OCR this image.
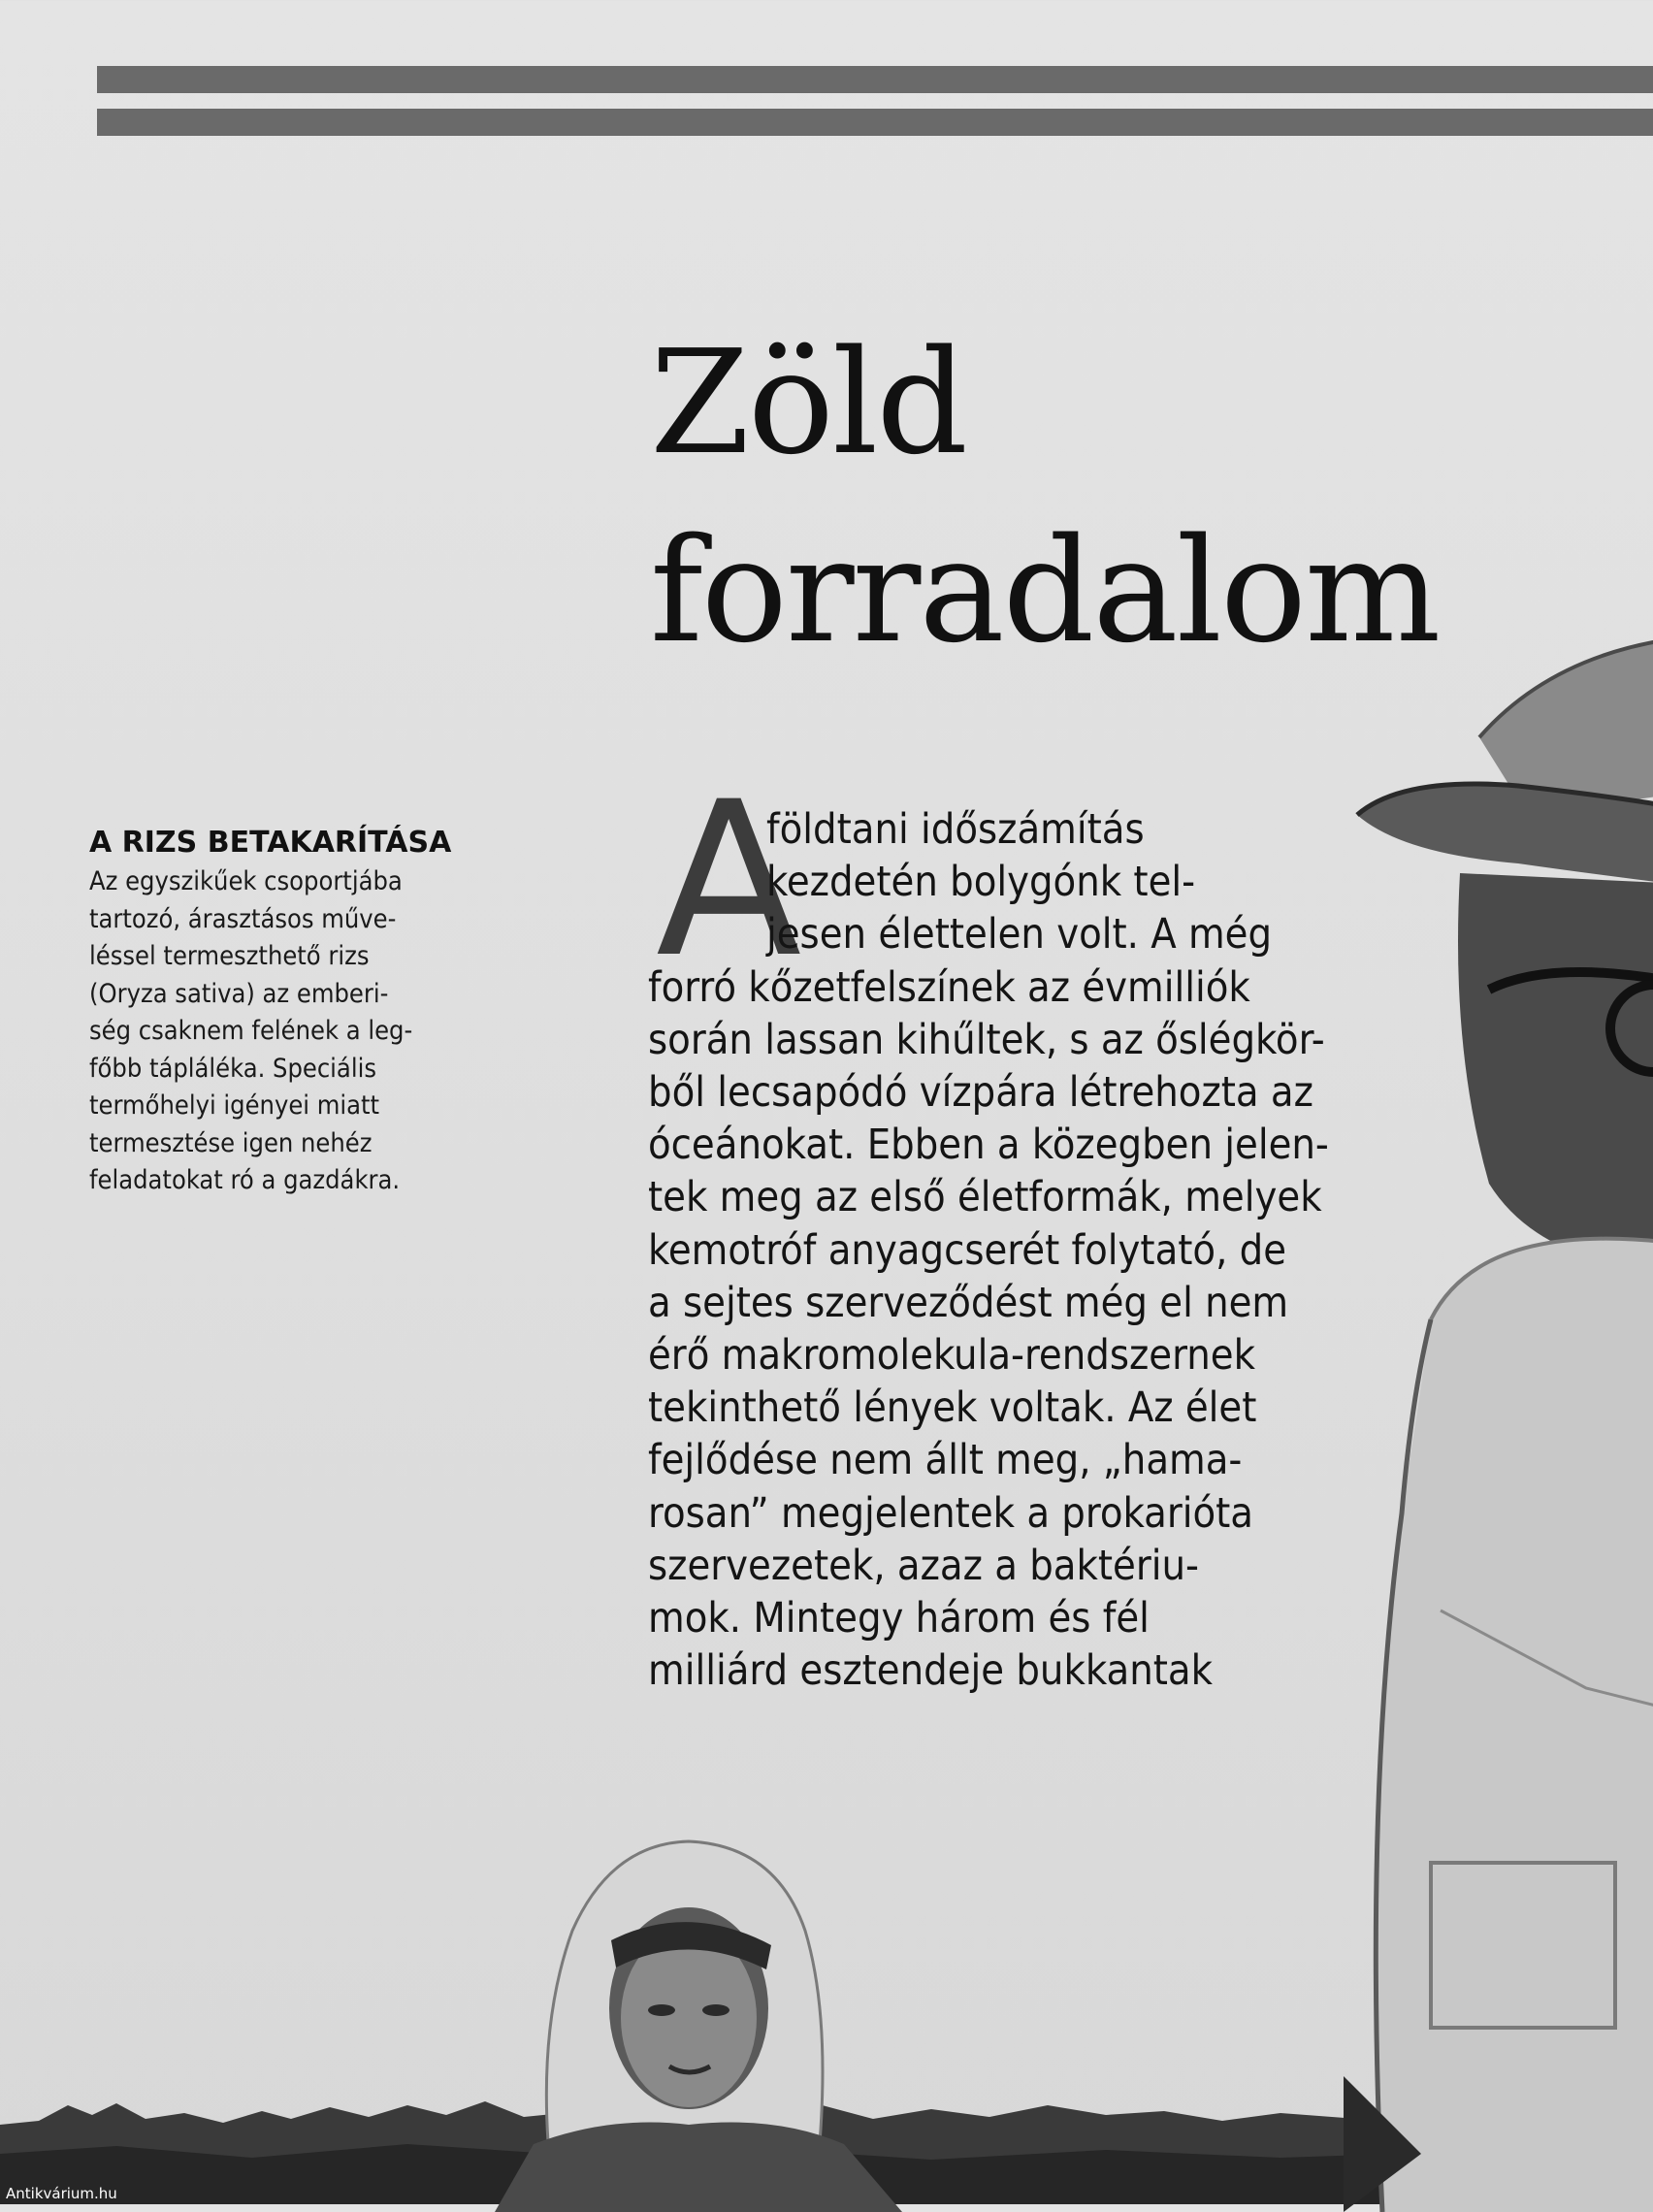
Zöld
forradalom

A RIZS BETAKARÍTÁSA

Az egyszikűek csoportjába
tartozó, árasztásos műve-
léssel termeszthető rizs
(Oryza sativa) az emberi-
ség csaknem felének a leg-
főbb tápláléka. Speciális
termőhelyi igényei miatt
termesztése igen nehéz
feladatokat ró a gazdákra.

A
földtani időszámítás
kezdetén bolygónk tel-
jesen élettelen volt. A még
forró kőzetfelszínek az évmilliók
során lassan kihűltek, s az őslégkör-
ből lecsapódó vízpára létrehozta az
óceánokat. Ebben a közegben jelen-
tek meg az első életformák, melyek
kemotróf anyagcserét folytató, de
a sejtes szerveződést még el nem
érő makromolekula-rendszernek
tekinthető lények voltak. Az élet
fejlődése nem állt meg, „hama-
rosan” megjelentek a prokarióta
szervezetek, azaz a baktériu-
mok. Mintegy három és fél
milliárd esztendeje bukkantak
Antikvárium.hu
